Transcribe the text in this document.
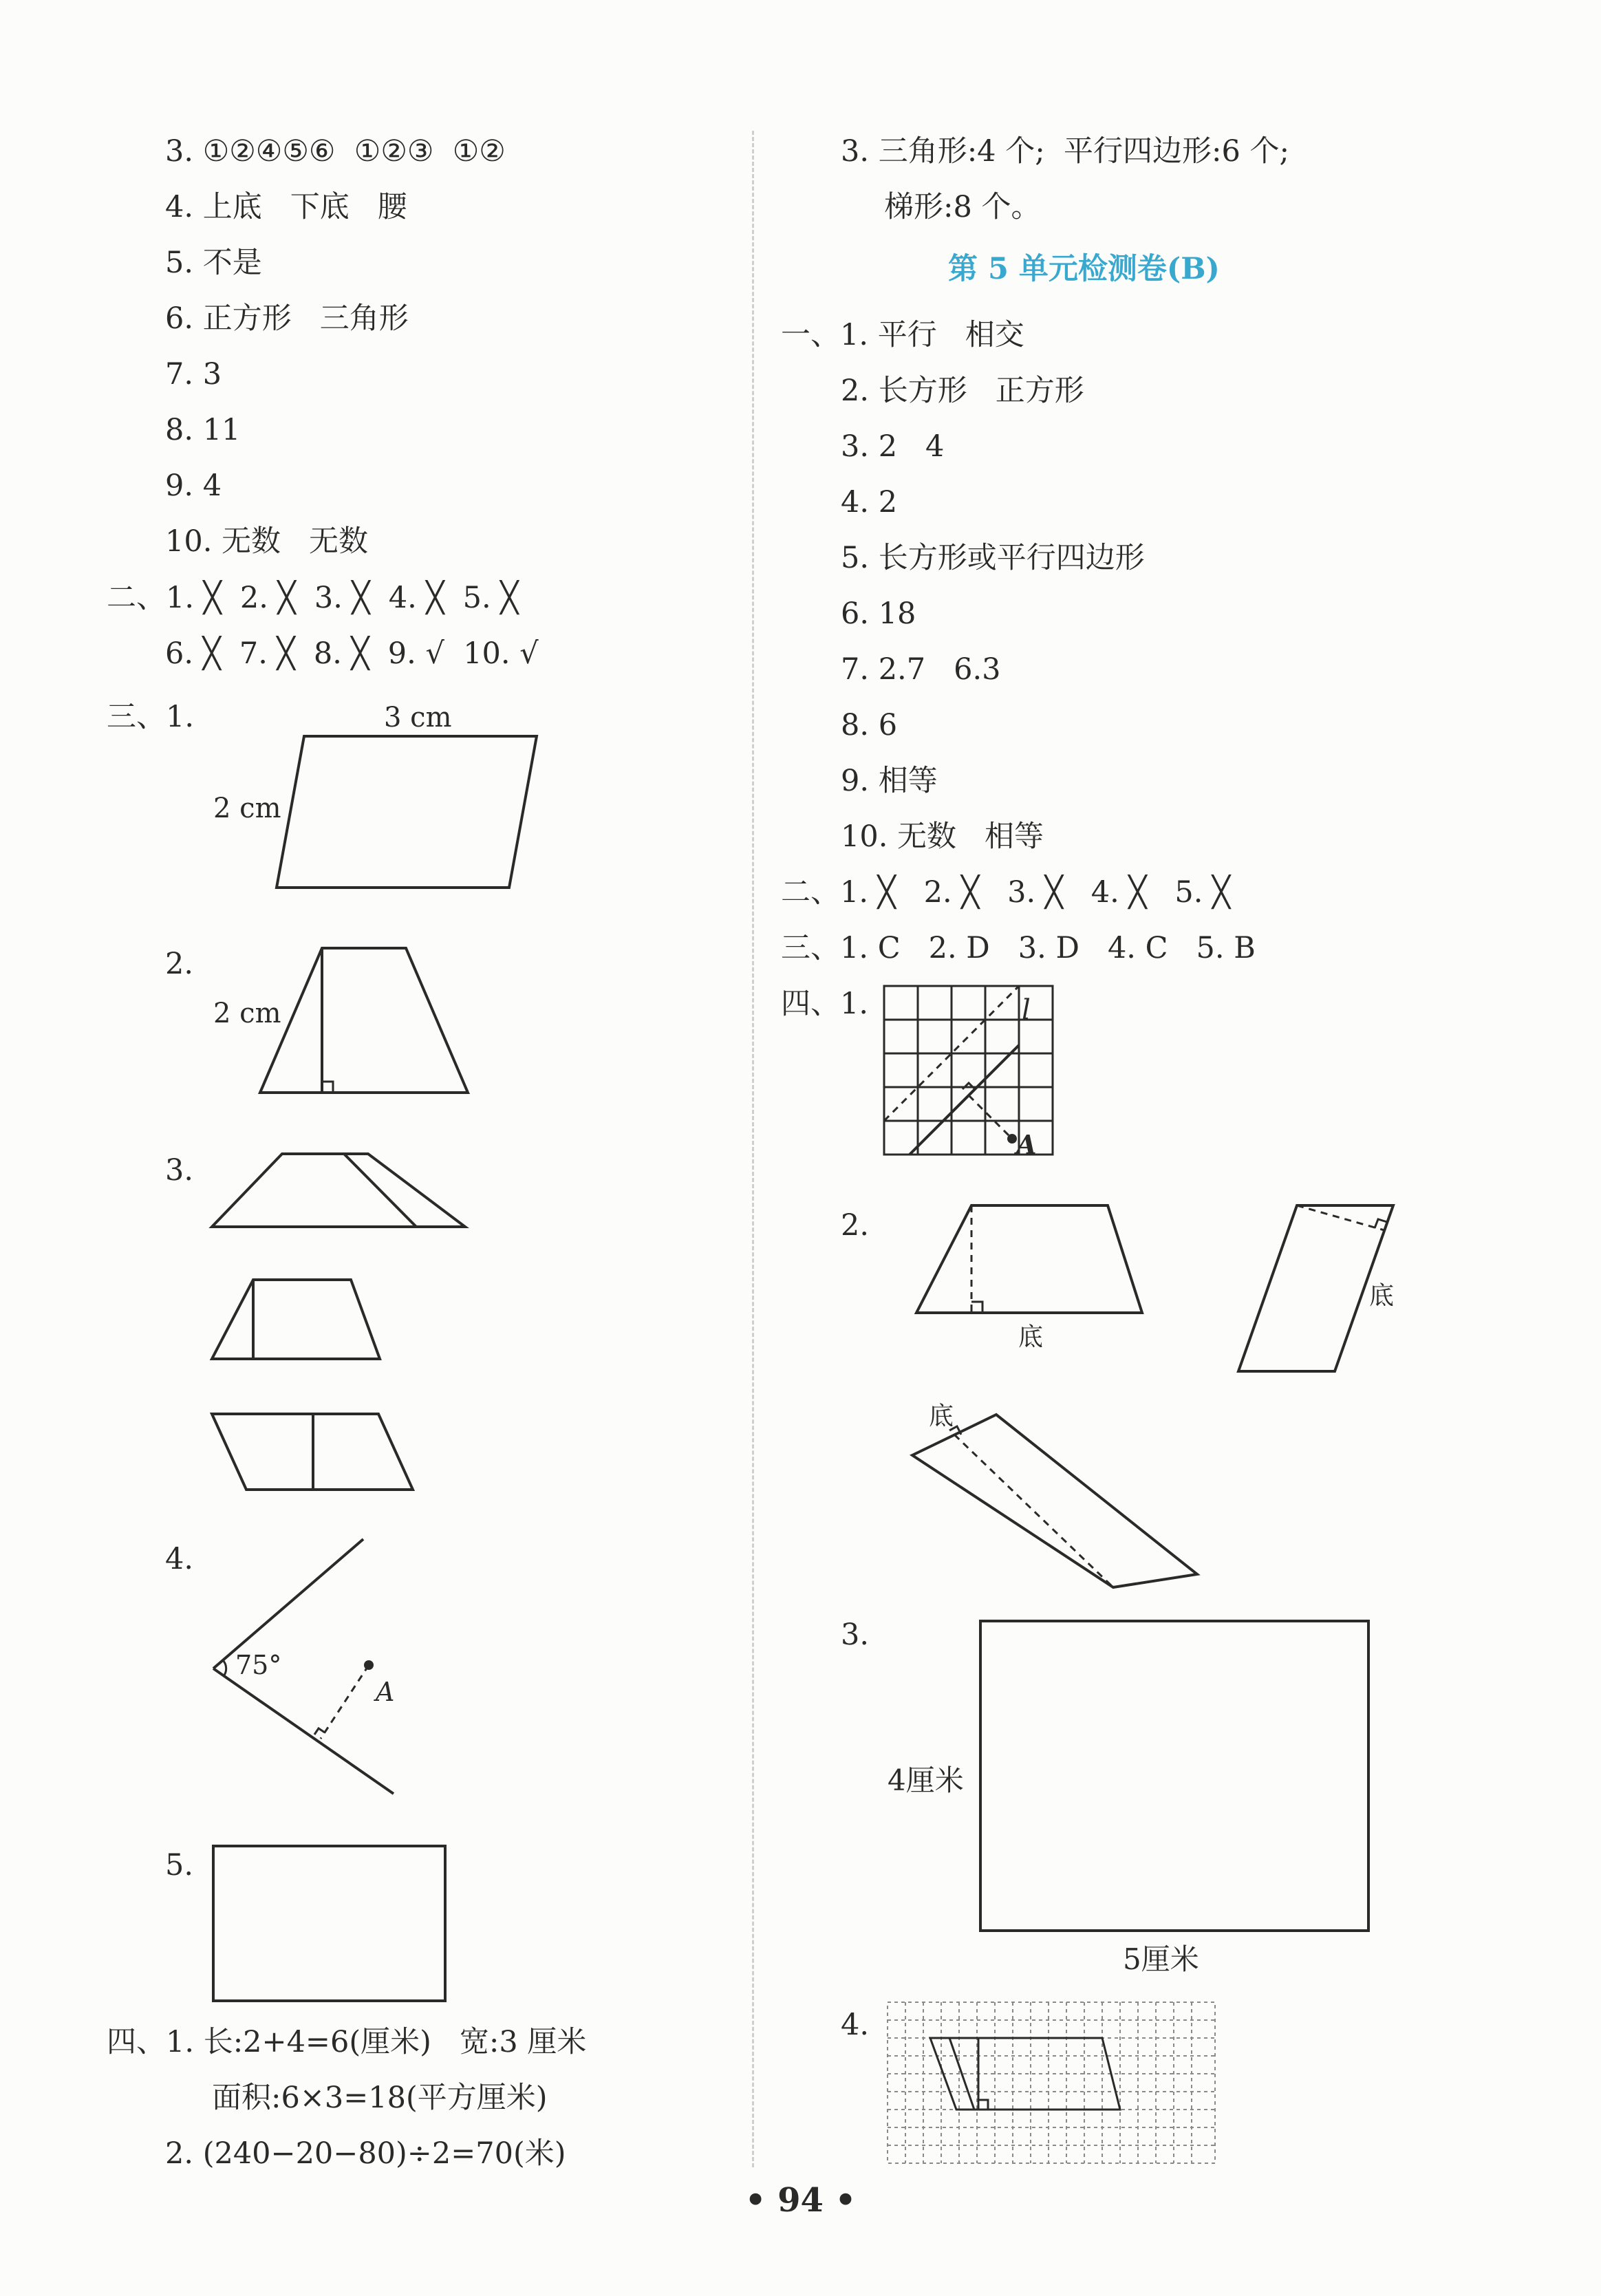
3. ①②④⑤⑥  ①②③  ①②
4. 上底   下底   腰
5. 不是
6. 正方形   三角形
7. 3
8. 11
9. 4
10. 无数   无数
二、1. ╳  2. ╳  3. ╳  4. ╳  5. ╳
6. ╳  7. ╳  8. ╳  9. √  10. √
三、1.	3 cm
2 cm
2.
2 cm
3.
4.
75°
A
5.
四、1. 长:2+4=6(厘米)   宽:3 厘米
面积:6×3=18(平方厘米)
2. (240−20−80)÷2=70(米)
3. 三角形:4 个;  平行四边形:6 个;
梯形:8 个。
第 5 单元检测卷(B)
一、1. 平行   相交
2. 长方形   正方形
3. 2   4
4. 2
5. 长方形或平行四边形
6. 18
7. 2.7   6.3
8. 6
9. 相等
10. 无数   相等
二、1. ╳   2. ╳   3. ╳   4. ╳   5. ╳
三、1. C   2. D   3. D   4. C   5. B
四、1.
A
l
2.
底
底
底
3.
4厘米
5厘米
4.
• 94 •
